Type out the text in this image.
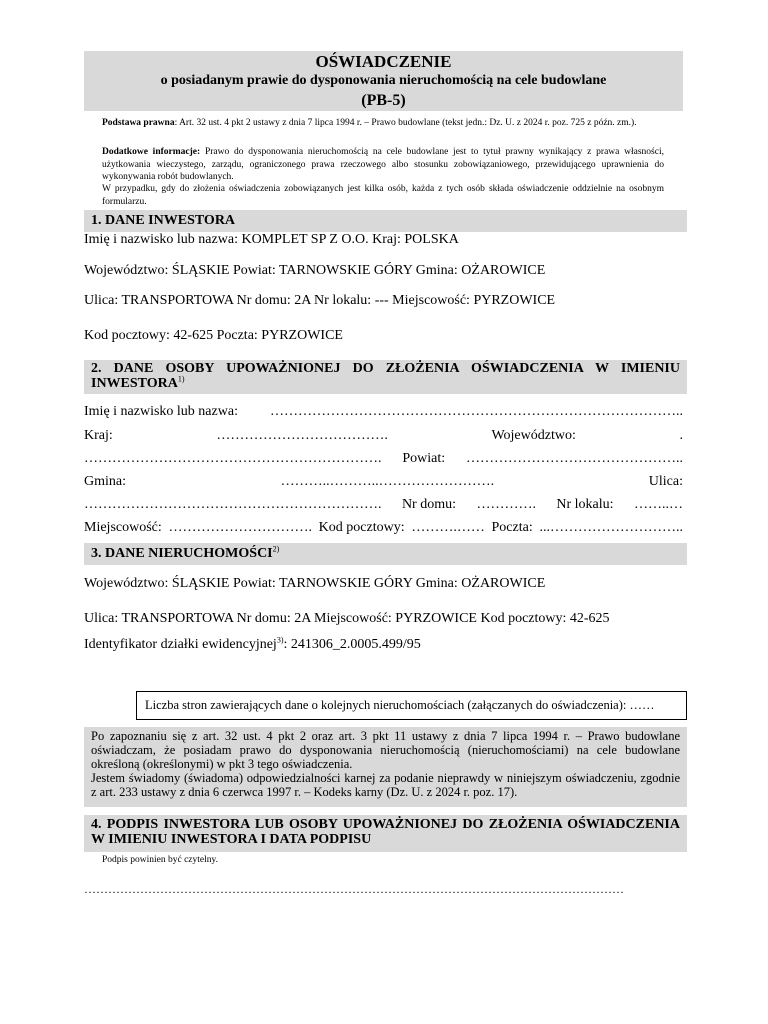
OŚWIADCZENIE
o posiadanym prawie do dysponowania nieruchomością na cele budowlane
(PB-5)
Podstawa prawna: Art. 32 ust. 4 pkt 2 ustawy z dnia 7 lipca 1994 r. – Prawo budowlane (tekst jedn.: Dz. U. z 2024 r. poz. 725 z późn. zm.).
Dodatkowe informacje: Prawo do dysponowania nieruchomością na cele budowlane jest to tytuł prawny wynikający z prawa własności, użytkowania wieczystego, zarządu, ograniczonego prawa rzeczowego albo stosunku zobowiązaniowego, przewidującego uprawnienia do wykonywania robót budowlanych.
W przypadku, gdy do złożenia oświadczenia zobowiązanych jest kilka osób, każda z tych osób składa oświadczenie oddzielnie na osobnym formularzu.
1. DANE INWESTORA
Imię i nazwisko lub nazwa: KOMPLET SP Z O.O. Kraj: POLSKA
Województwo: ŚLĄSKIE Powiat: TARNOWSKIE GÓRY Gmina: OŻAROWICE
Ulica: TRANSPORTOWA Nr domu: 2A Nr lokalu: --- Miejscowość: PYRZOWICE
Kod pocztowy: 42-625 Poczta: PYRZOWICE
2. DANE OSOBY UPOWAŻNIONEJ DO ZŁOŻENIA OŚWIADCZENIA W IMIENIU INWESTORA$^{1)}$
Imię i nazwisko lub nazwa: ……………………………………………………………………………..
Kraj:	……………………………….	Województwo:	.
………………………………………………………. Powiat: ………………………………………..
Gmina:	………..………..…………………….	Ulica:
………………………………………………………. Nr domu: …………. Nr lokalu: ……..…
Miejscowość: …………………………. Kod pocztowy: ……….…… Poczta: ...………………………..
3. DANE NIERUCHOMOŚCI$^{2)}$
Województwo: ŚLĄSKIE Powiat: TARNOWSKIE GÓRY Gmina: OŻAROWICE
Ulica: TRANSPORTOWA Nr domu: 2A Miejscowość: PYRZOWICE Kod pocztowy: 42-625
Identyfikator działki ewidencyjnej$^{3)}$: 241306_2.0005.499/95
Liczba stron zawierających dane o kolejnych nieruchomościach (załączanych do oświadczenia): ……

Po zapoznaniu się z art. 32 ust. 4 pkt 2 oraz art. 3 pkt 11 ustawy z dnia 7 lipca 1994 r. – Prawo budowlane oświadczam, że posiadam prawo do dysponowania nieruchomością (nieruchomościami) na cele budowlane określoną (określonymi) w pkt 3 tego oświadczenia.

Jestem świadomy (świadoma) odpowiedzialności karnej za podanie nieprawdy w niniejszym oświadczeniu, zgodnie z art. 233 ustawy z dnia 6 czerwca 1997 r. – Kodeks karny (Dz. U. z 2024 r. poz. 17).

4. PODPIS INWESTORA LUB OSOBY UPOWAŻNIONEJ DO ZŁOŻENIA OŚWIADCZENIA W IMIENIU INWESTORA I DATA PODPISU
Podpis powinien być czytelny.
………………………………………………………………………………………………………………………
